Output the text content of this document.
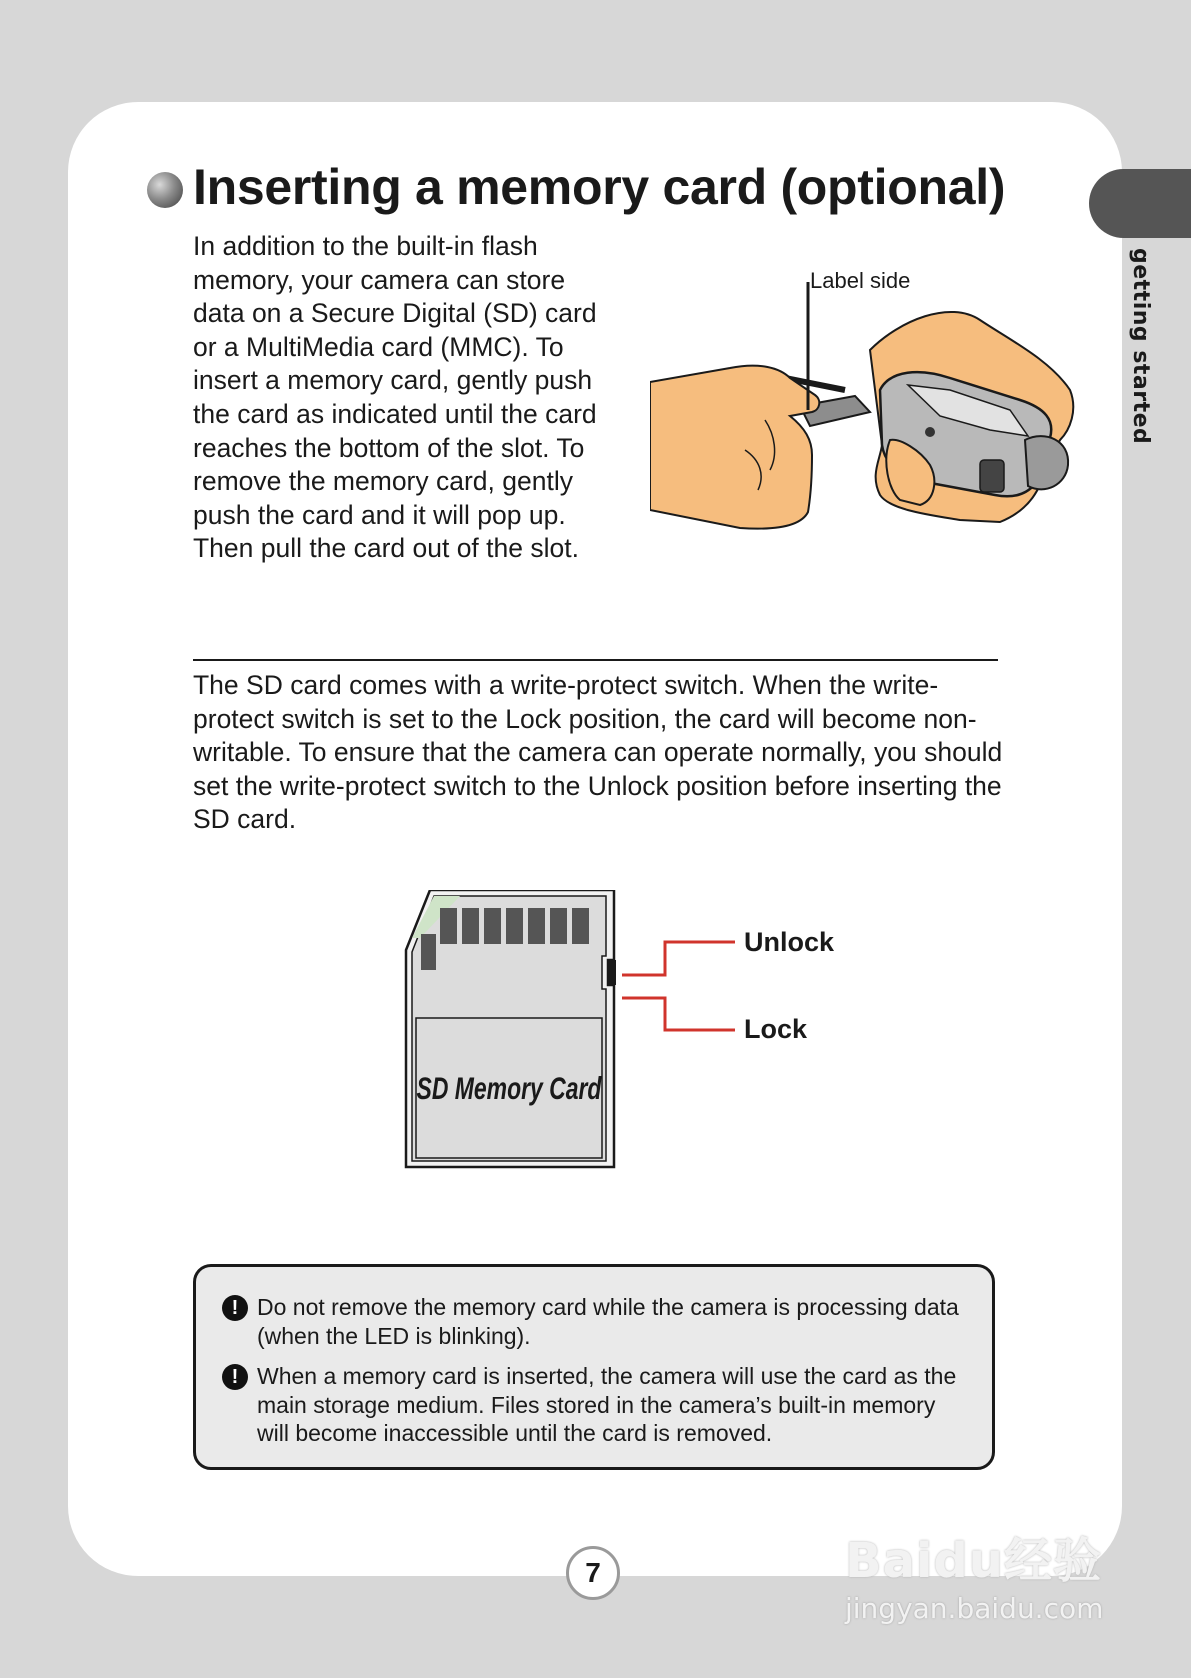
getting started
Inserting a memory card (optional)

In addition to the built-in flash memory, your camera can store data on a Secure Digital (SD) card or a MultiMedia card (MMC). To insert a memory card, gently push the card as indicated until the card reaches the bottom of the slot. To remove the memory card, gently push the card and it will pop up. Then pull the card out of the slot.

Label side

The SD card comes with a write-protect switch. When the write-protect switch is set to the Lock position, the card will become non-writable. To ensure that the camera can operate normally, you should set the write-protect switch to the Unlock position before inserting the SD card.

SD Memory Card
Unlock
Lock
! Do not remove the memory card while the camera is processing data (when the LED is blinking).
! When a memory card is inserted, the camera will use the card as the main storage medium. Files stored in the camera’s built-in memory will become inaccessible until the card is removed.
7	Baidu经验
jingyan.baidu.com
